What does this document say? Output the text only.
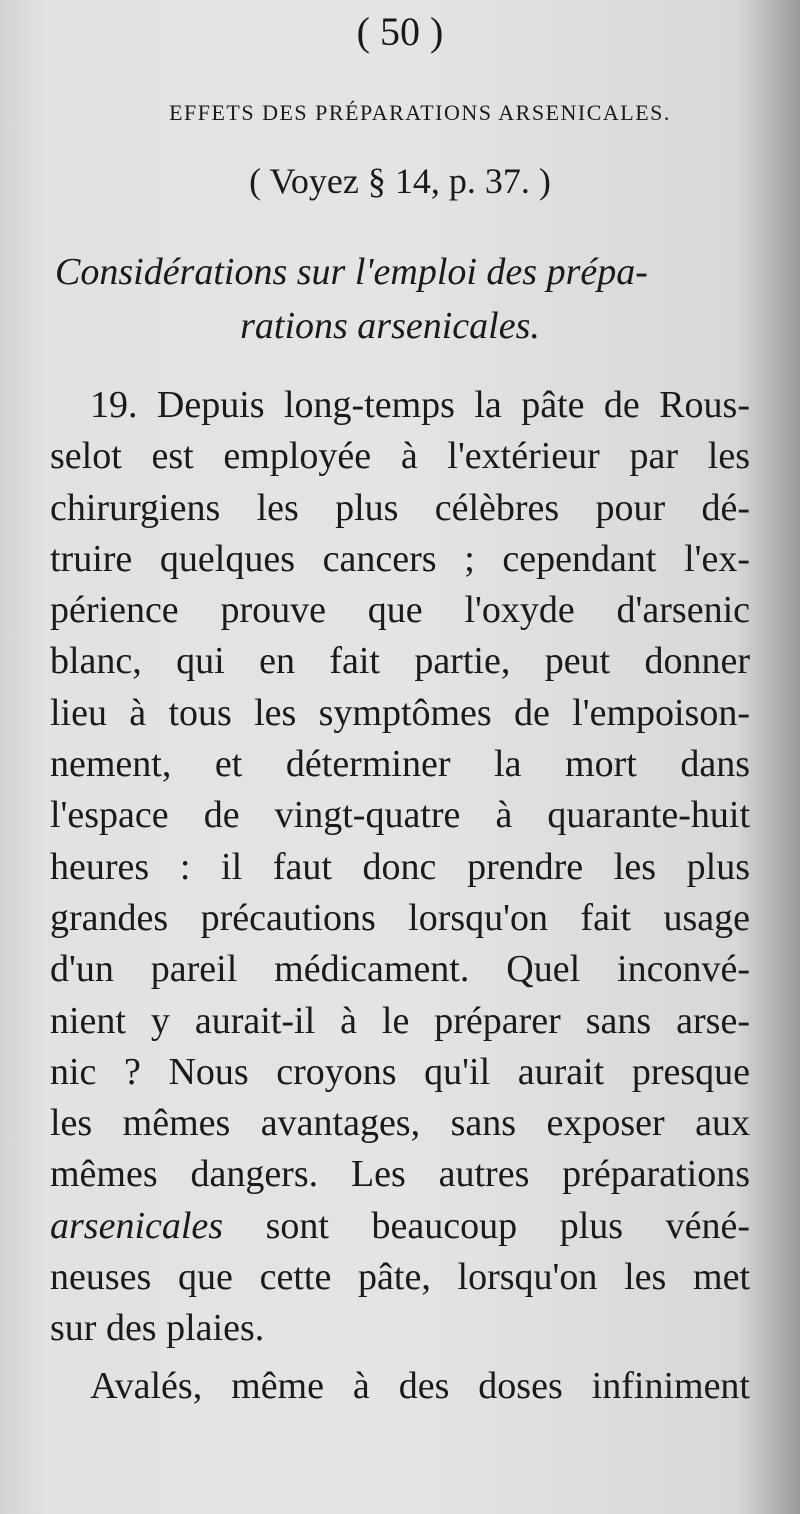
( 50 )
EFFETS DES PRÉPARATIONS ARSENICALES.
( Voyez § 14, p. 37. )
Considérations sur l'emploi des prépa-
rations arsenicales.
19. Depuis long-temps la pâte de Rous-
selot est employée à l'extérieur par les
chirurgiens les plus célèbres pour dé-
truire quelques cancers ; cependant l'ex-
périence prouve que l'oxyde d'arsenic
blanc, qui en fait partie, peut donner
lieu à tous les symptômes de l'empoison-
nement, et déterminer la mort dans
l'espace de vingt-quatre à quarante-huit
heures : il faut donc prendre les plus
grandes précautions lorsqu'on fait usage
d'un pareil médicament. Quel inconvé-
nient y aurait-il à le préparer sans arse-
nic ? Nous croyons qu'il aurait presque
les mêmes avantages, sans exposer aux
mêmes dangers. Les autres préparations
arsenicales sont beaucoup plus véné-
neuses que cette pâte, lorsqu'on les met
sur des plaies.
Avalés, même à des doses infiniment
